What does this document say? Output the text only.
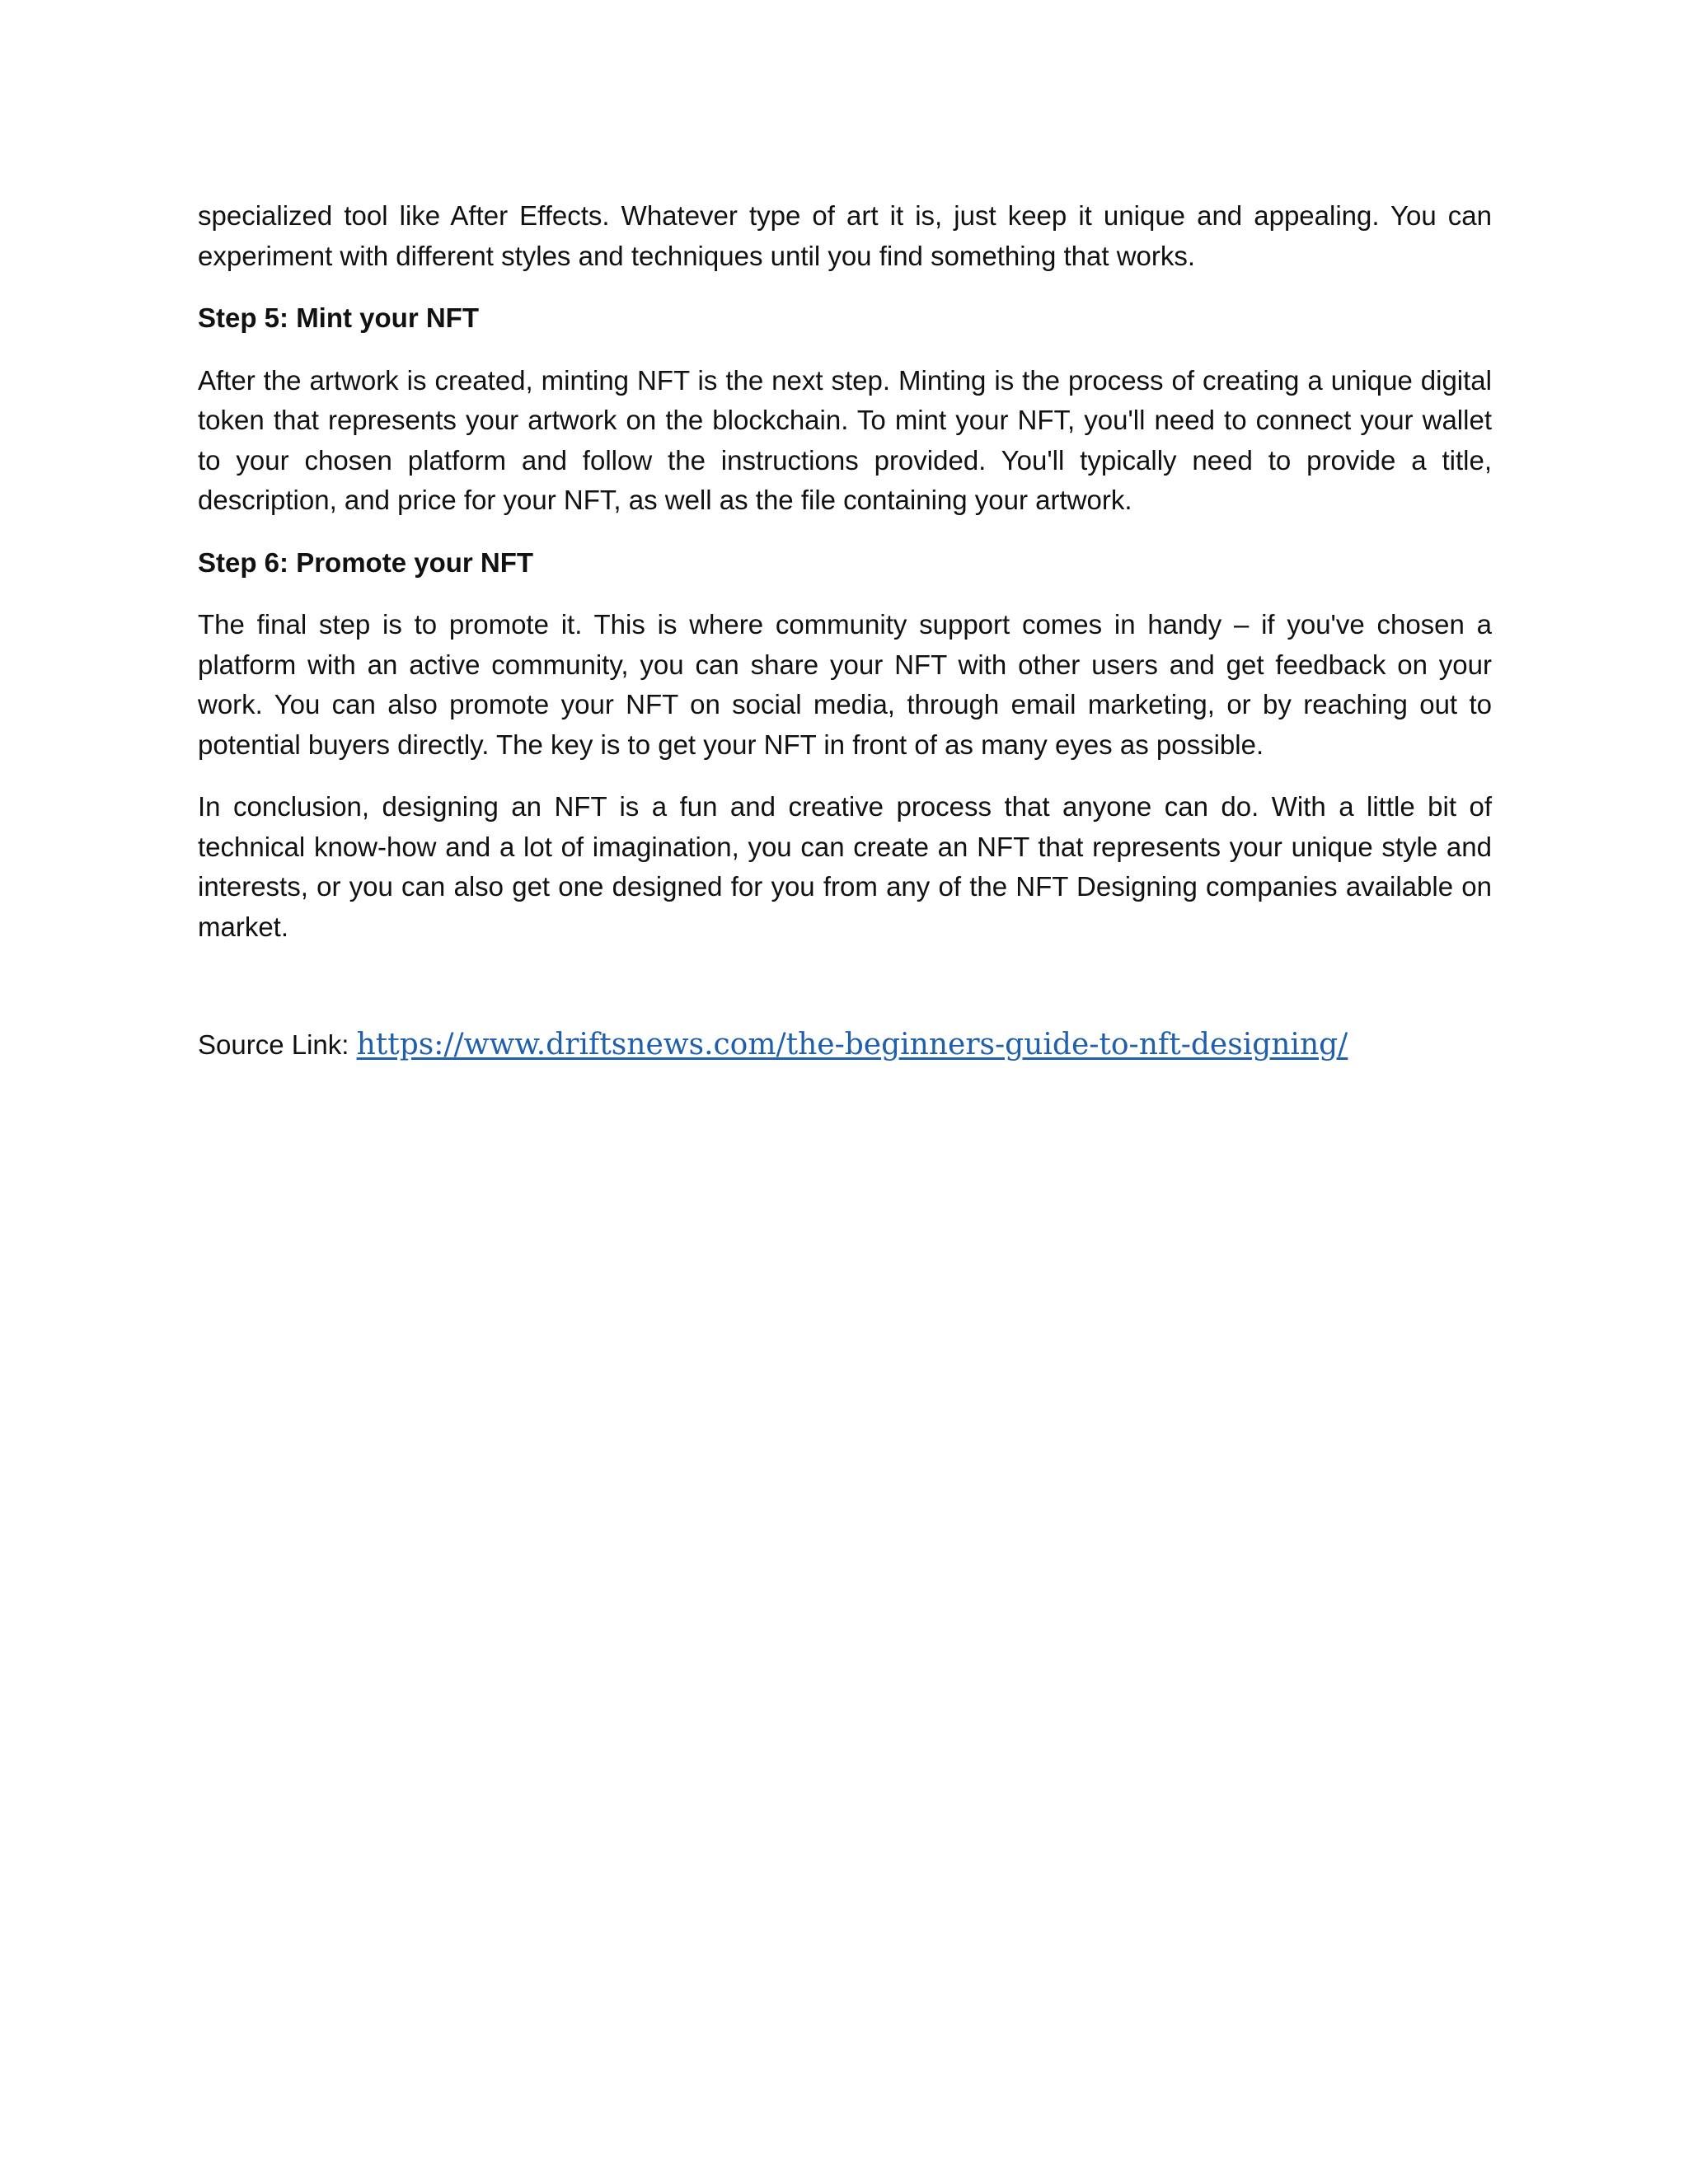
specialized tool like After Effects. Whatever type of art it is, just keep it unique and appealing. You can experiment with different styles and techniques until you find something that works.

Step 5: Mint your NFT

After the artwork is created, minting NFT is the next step. Minting is the process of creating a unique digital token that represents your artwork on the blockchain. To mint your NFT, you'll need to connect your wallet to your chosen platform and follow the instructions provided. You'll typically need to provide a title, description, and price for your NFT, as well as the file containing your artwork.

Step 6: Promote your NFT

The final step is to promote it. This is where community support comes in handy – if you've chosen a platform with an active community, you can share your NFT with other users and get feedback on your work. You can also promote your NFT on social media, through email marketing, or by reaching out to potential buyers directly. The key is to get your NFT in front of as many eyes as possible.

In conclusion, designing an NFT is a fun and creative process that anyone can do. With a little bit of technical know-how and a lot of imagination, you can create an NFT that represents your unique style and interests, or you can also get one designed for you from any of the NFT Designing companies available on market.

Source Link: https://www.driftsnews.com/the-beginners-guide-to-nft-designing/
